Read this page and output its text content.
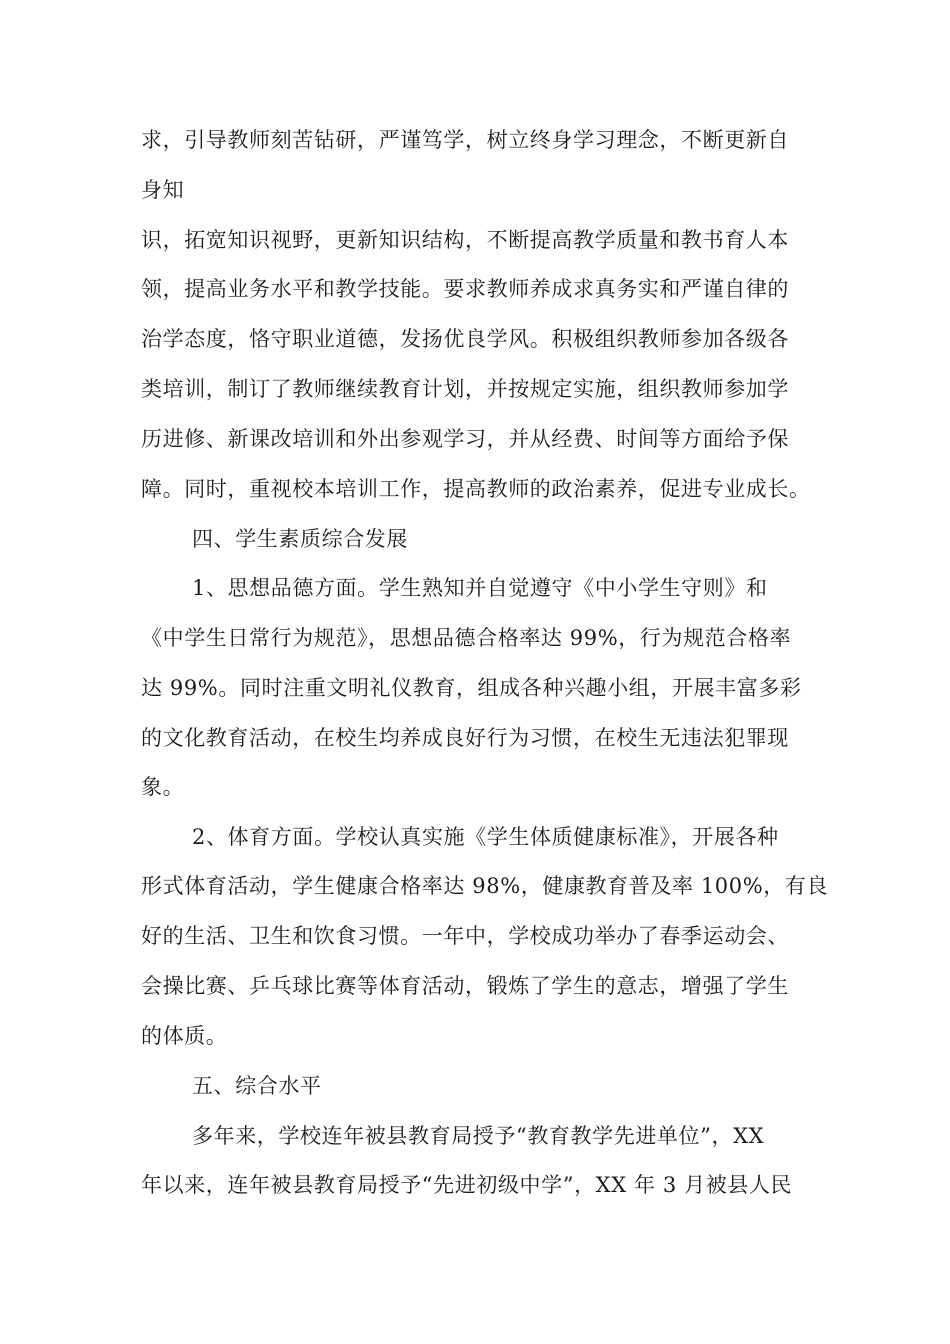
求，引导教师刻苦钻研，严谨笃学，树立终身学习理念，不断更新自
身知
识，拓宽知识视野，更新知识结构，不断提高教学质量和教书育人本
领，提高业务水平和教学技能。要求教师养成求真务实和严谨自律的
治学态度，恪守职业道德，发扬优良学风。积极组织教师参加各级各
类培训，制订了教师继续教育计划，并按规定实施，组织教师参加学
历进修、新课改培训和外出参观学习，并从经费、时间等方面给予保
障。同时，重视校本培训工作，提高教师的政治素养，促进专业成长。
四、学生素质综合发展
1、思想品德方面。学生熟知并自觉遵守《中小学生守则》和
《中学生日常行为规范》，思想品德合格率达 99%，行为规范合格率
达 99%。同时注重文明礼仪教育，组成各种兴趣小组，开展丰富多彩
的文化教育活动，在校生均养成良好行为习惯，在校生无违法犯罪现
象。
2、体育方面。学校认真实施《学生体质健康标准》，开展各种
形式体育活动，学生健康合格率达 98%，健康教育普及率 100%，有良
好的生活、卫生和饮食习惯。一年中，学校成功举办了春季运动会、
会操比赛、乒乓球比赛等体育活动，锻炼了学生的意志，增强了学生
的体质。
五、综合水平
多年来，学校连年被县教育局授予“教育教学先进单位”，XX
年以来，连年被县教育局授予“先进初级中学”，XX 年 3 月被县人民
